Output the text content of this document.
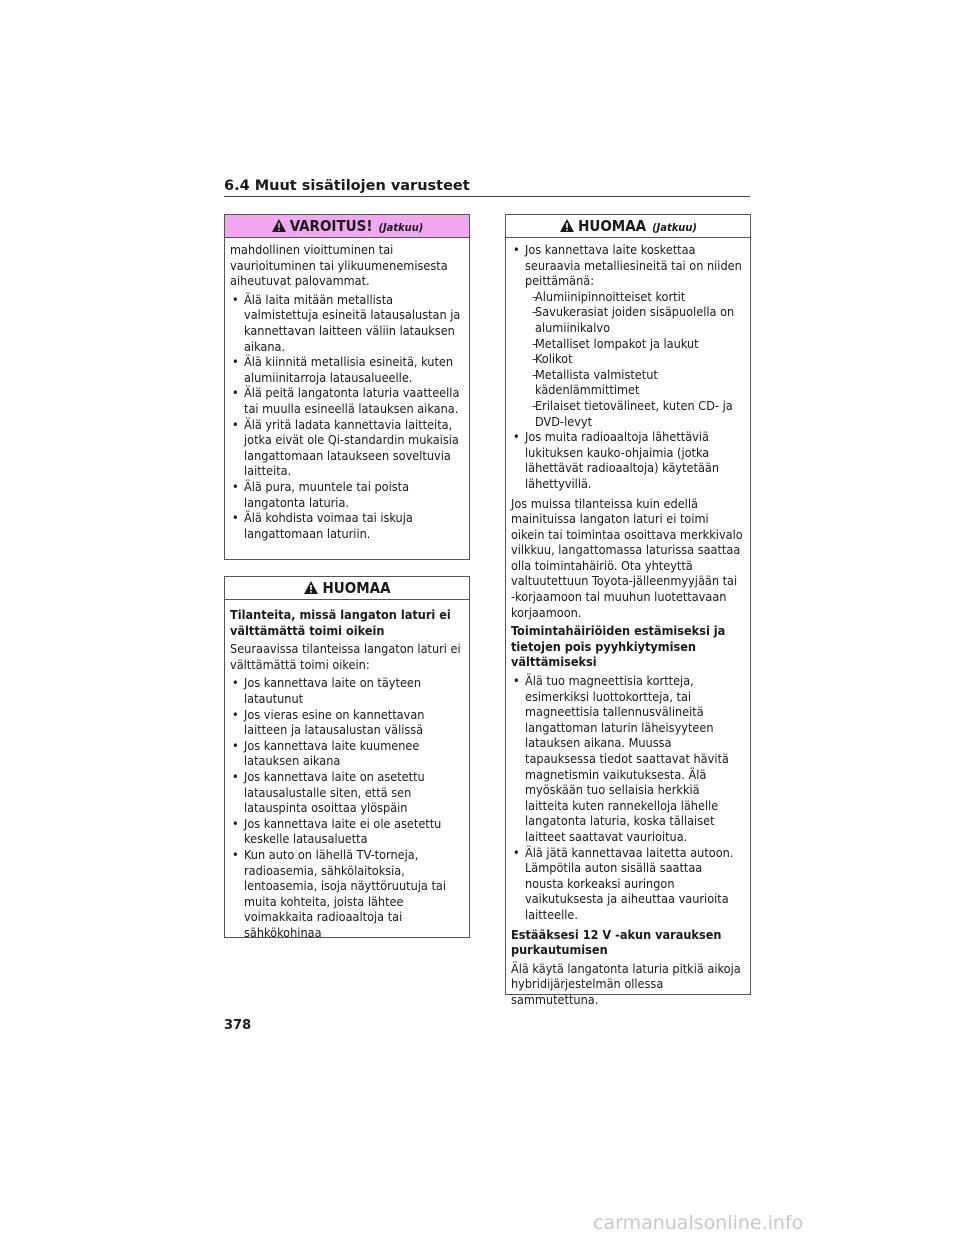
6.4 Muut sisätilojen varusteet
VAROITUS! (Jatkuu)

mahdollinen vioittuminen tai vaurioituminen tai ylikuumenemisesta aiheutuvat palovammat.

• Älä laita mitään metallista valmistettuja esineitä latausalustan ja kannettavan laitteen väliin latauksen aikana.
• Älä kiinnitä metallisia esineitä, kuten alumiinitarroja latausalueelle.
• Älä peitä langatonta laturia vaatteella tai muulla esineellä latauksen aikana.
• Älä yritä ladata kannettavia laitteita, jotka eivät ole Qi-standardin mukaisia langattomaan lataukseen soveltuvia laitteita.
• Älä pura, muuntele tai poista langatonta laturia.
• Älä kohdista voimaa tai iskuja langattomaan laturiin.
HUOMAA

Tilanteita, missä langaton laturi ei välttämättä toimi oikein

Seuraavissa tilanteissa langaton laturi ei välttämättä toimi oikein:

• Jos kannettava laite on täyteen latautunut
• Jos vieras esine on kannettavan laitteen ja latausalustan välissä
• Jos kannettava laite kuumenee latauksen aikana
• Jos kannettava laite on asetettu latausalustalle siten, että sen latauspinta osoittaa ylöspäin
• Jos kannettava laite ei ole asetettu keskelle latausaluetta
• Kun auto on lähellä TV-torneja, radioasemia, sähkölaitoksia, lentoasemia, isoja näyttöruutuja tai muita kohteita, joista lähtee voimakkaita radioaaltoja tai sähkökohinaa
HUOMAA (Jatkuu)
• Jos kannettava laite koskettaa seuraavia metalliesineitä tai on niiden peittämänä:
– Alumiinipinnoitteiset kortit
– Savukerasiat joiden sisäpuolella on alumiinikalvo
– Metalliset lompakot ja laukut
– Kolikot
– Metallista valmistetut kädenlämmittimet
– Erilaiset tietovälineet, kuten CD- ja DVD-levyt
• Jos muita radioaaltoja lähettäviä lukituksen kauko-ohjaimia (jotka lähettävät radioaaltoja) käytetään lähettyvillä.

Jos muissa tilanteissa kuin edellä mainituissa langaton laturi ei toimi oikein tai toimintaa osoittava merkkivalo vilkkuu, langattomassa laturissa saattaa olla toimintahäiriö. Ota yhteyttä valtuutettuun Toyota-jälleenmyyjään tai -korjaamoon tai muuhun luotettavaan korjaamoon.

Toimintahäiriöiden estämiseksi ja tietojen pois pyyhkiytymisen välttämiseksi

• Älä tuo magneettisia kortteja, esimerkiksi luottokortteja, tai magneettisia tallennusvälineitä langattoman laturin läheisyyteen latauksen aikana. Muussa tapauksessa tiedot saattavat hävitä magnetismin vaikutuksesta. Älä myöskään tuo sellaisia herkkiä laitteita kuten rannekelloja lähelle langatonta laturia, koska tällaiset laitteet saattavat vaurioitua.
• Älä jätä kannettavaa laitetta autoon. Lämpötila auton sisällä saattaa nousta korkeaksi auringon vaikutuksesta ja aiheuttaa vaurioita laitteelle.

Estääksesi 12 V -akun varauksen purkautumisen

Älä käytä langatonta laturia pitkiä aikoja hybridijärjestelmän ollessa sammutettuna.

378
carmanualsonline.info
